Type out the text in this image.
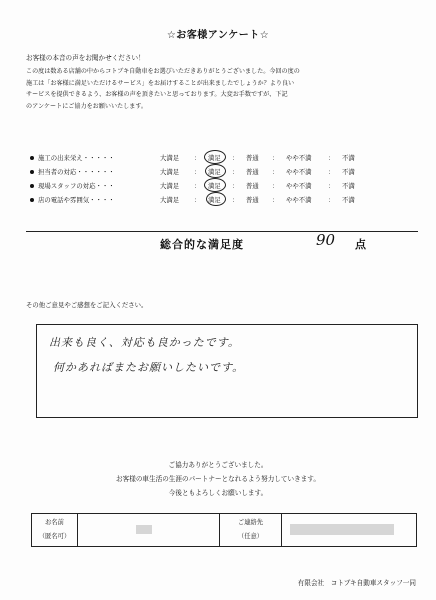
☆お客様アンケート☆
お客様の本音の声をお聞かせください！
この度は数ある店舗の中からコトブキ自動車をお選びいただきありがとうございました。今回の度の
施工は「お客様に満足いただけるサービス」をお届けすることが出来ましたでしょうか？より良い
サービスを提供できるよう、お客様の声を頂きたいと思っております。大変お手数ですが、下記
のアンケートにご協力をお願いいたします。
施工の出来栄え・・・・・	大満足 ： 満足 ： 普通 ： やや不満	： 不満
担当者の対応・・・・・・	大満足 ： 満足 ： 普通 ： やや不満	： 不満
現場スタッフの対応・・・	大満足 ： 満足 ： 普通 ： やや不満	： 不満
店の電話や雰囲気・・・・	大満足 ： 満足 ： 普通 ： やや不満	： 不満
総合的な満足度	90 点
その他ご意見やご感想をご記入ください。
出来も良く、対応も良かったです。
何かあればまたお願いしたいです。
ご協力ありがとうございました。
お客様の車生活の生涯のパートナーとなれるよう努力していきます。
今後ともよろしくお願いします。
お名前
（匿名可）
ご連絡先
（任意）
有限会社　コトブキ自動車スタッフ一同
